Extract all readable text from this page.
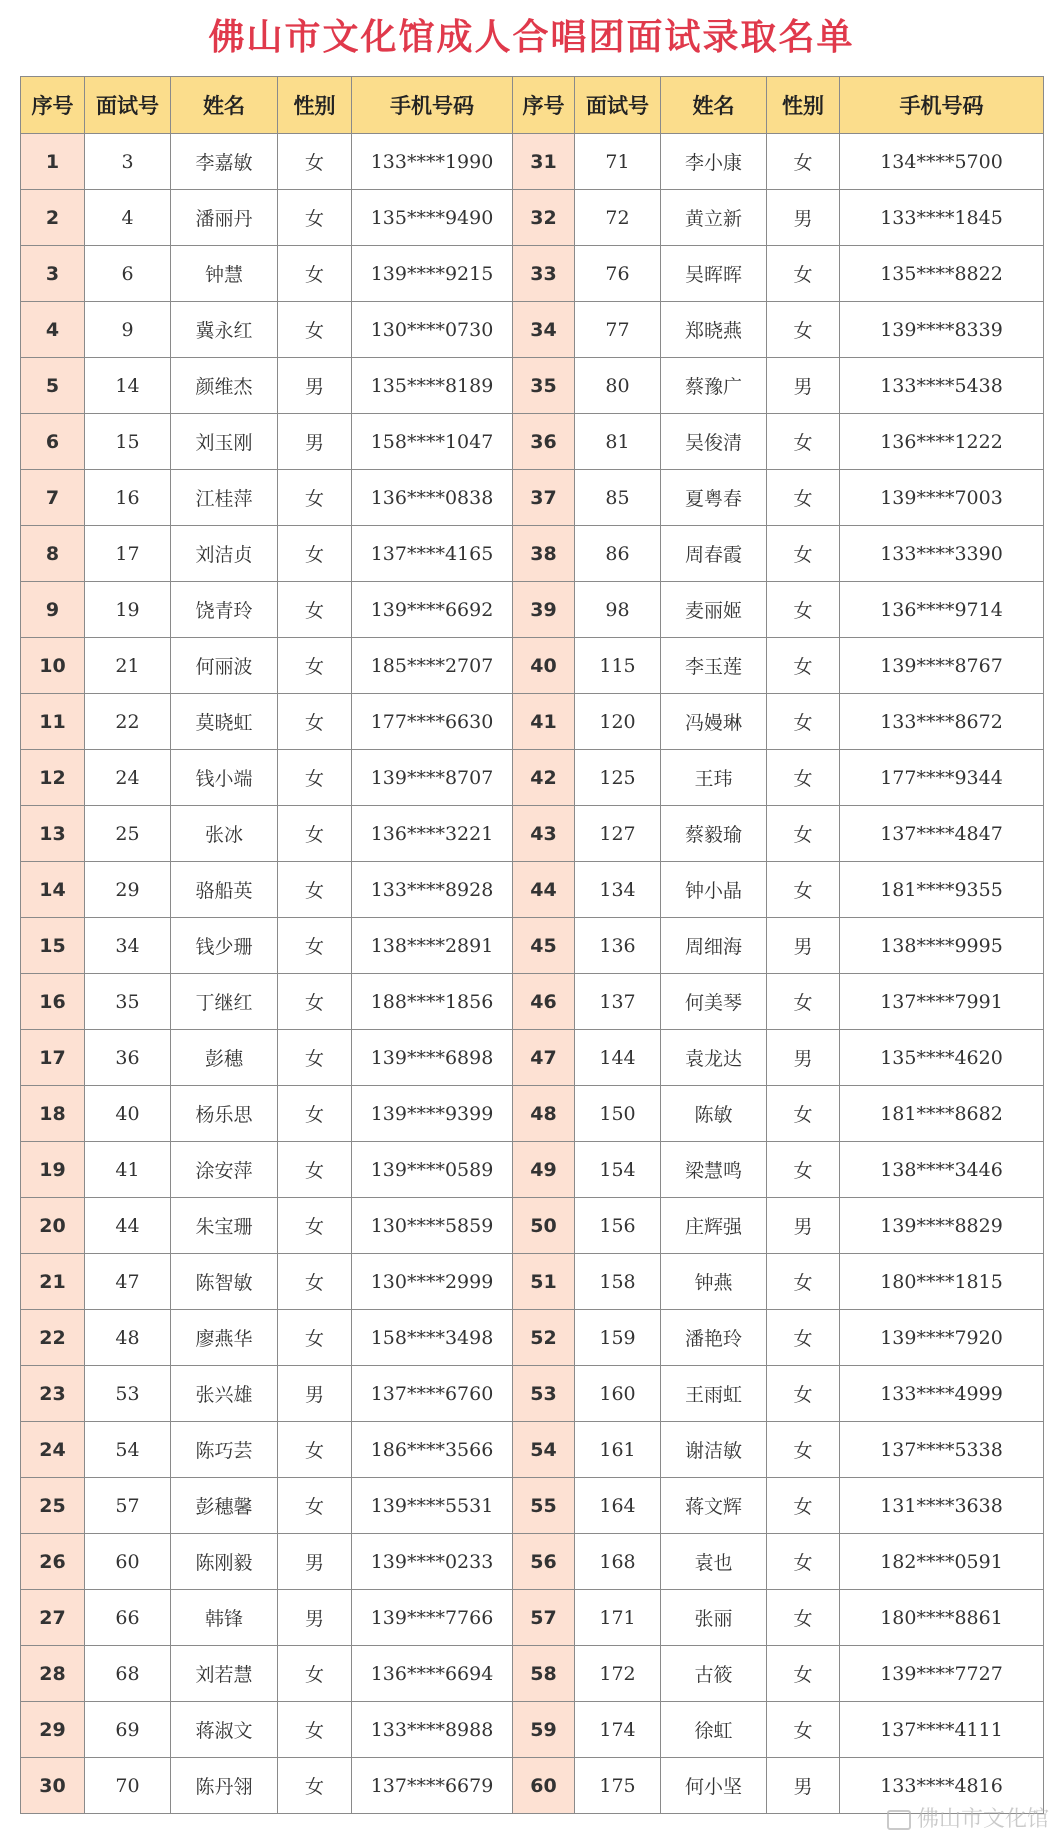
佛山市文化馆成人合唱团面试录取名单
序号	面试号	姓名	性别	手机号码	序号	面试号	姓名	性别	手机号码
1	3	李嘉敏	女	133****1990	31	71	李小康	女	134****5700
2	4	潘丽丹	女	135****9490	32	72	黄立新	男	133****1845
3	6	钟慧	女	139****9215	33	76	吴晖晖	女	135****8822
4	9	冀永红	女	130****0730	34	77	郑晓燕	女	139****8339
5	14	颜维杰	男	135****8189	35	80	蔡豫广	男	133****5438
6	15	刘玉刚	男	158****1047	36	81	吴俊清	女	136****1222
7	16	江桂萍	女	136****0838	37	85	夏粤春	女	139****7003
8	17	刘洁贞	女	137****4165	38	86	周春霞	女	133****3390
9	19	饶青玲	女	139****6692	39	98	麦丽姬	女	136****9714
10	21	何丽波	女	185****2707	40	115	李玉莲	女	139****8767
11	22	莫晓虹	女	177****6630	41	120	冯嫚琳	女	133****8672
12	24	钱小端	女	139****8707	42	125	王玮	女	177****9344
13	25	张冰	女	136****3221	43	127	蔡毅瑜	女	137****4847
14	29	骆船英	女	133****8928	44	134	钟小晶	女	181****9355
15	34	钱少珊	女	138****2891	45	136	周细海	男	138****9995
16	35	丁继红	女	188****1856	46	137	何美琴	女	137****7991
17	36	彭穗	女	139****6898	47	144	袁龙达	男	135****4620
18	40	杨乐思	女	139****9399	48	150	陈敏	女	181****8682
19	41	涂安萍	女	139****0589	49	154	梁慧鸣	女	138****3446
20	44	朱宝珊	女	130****5859	50	156	庄辉强	男	139****8829
21	47	陈智敏	女	130****2999	51	158	钟燕	女	180****1815
22	48	廖燕华	女	158****3498	52	159	潘艳玲	女	139****7920
23	53	张兴雄	男	137****6760	53	160	王雨虹	女	133****4999
24	54	陈巧芸	女	186****3566	54	161	谢洁敏	女	137****5338
25	57	彭穗馨	女	139****5531	55	164	蒋文辉	女	131****3638
26	60	陈刚毅	男	139****0233	56	168	袁也	女	182****0591
27	66	韩锋	男	139****7766	57	171	张丽	女	180****8861
28	68	刘若慧	女	136****6694	58	172	古筱	女	139****7727
29	69	蒋淑文	女	133****8988	59	174	徐虹	女	137****4111
30	70	陈丹翎	女	137****6679	60	175	何小坚	男	133****4816
佛山市文化馆
